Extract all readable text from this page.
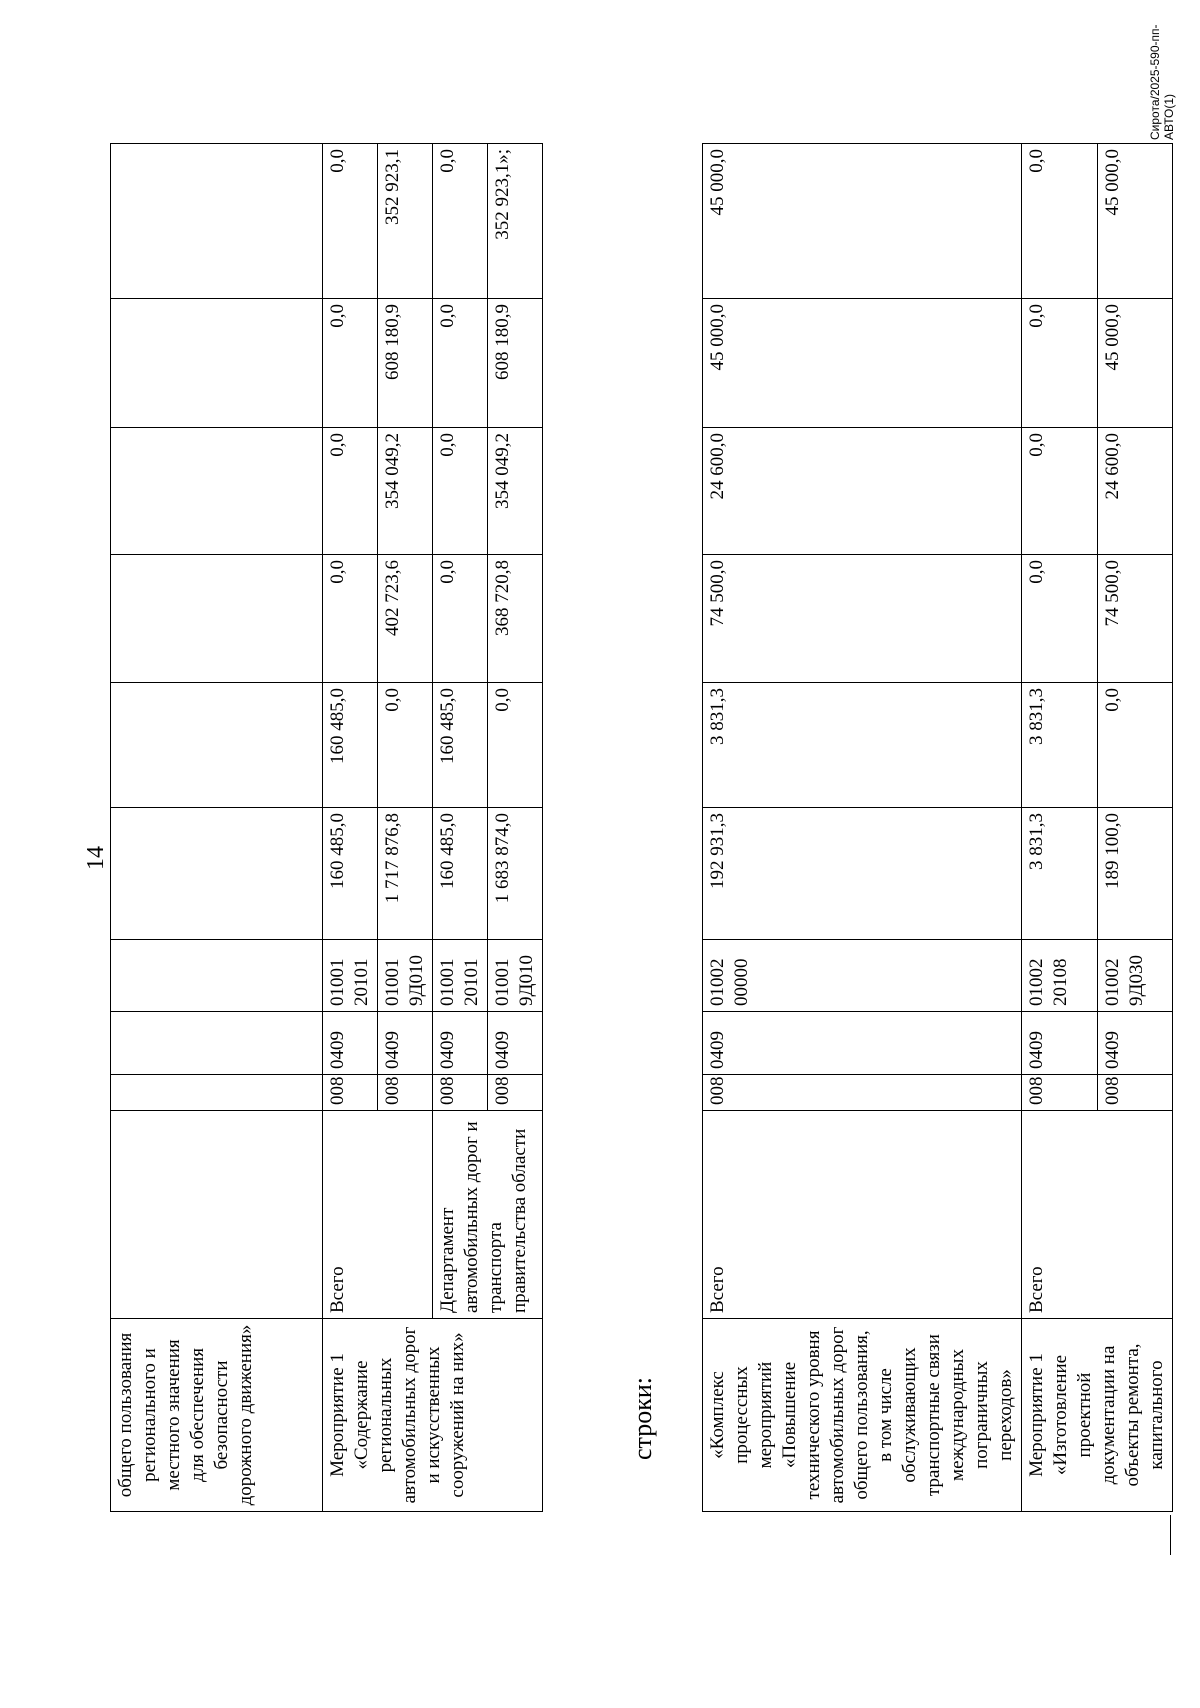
14
Сирота/2025-590-пп-АВТО(1)
общего пользования регионального и местного значения для обеспечения безопасности дорожного движения»										
Мероприятие 1 «Содержание региональных автомобильных дорог и искусственных сооружений на них»	Всего	008	0409	01001 20101	160 485,0	160 485,0	0,0	0,0	0,0	0,0
		008	0409	01001 9Д010	1 717 876,8	0,0	402 723,6	354 049,2	608 180,9	352 923,1
	Департамент автомобильных дорог и транспорта правительства области	008	0409	01001 20101	160 485,0	160 485,0	0,0	0,0	0,0	0,0
		008	0409	01001 9Д010	1 683 874,0	0,0	368 720,8	354 049,2	608 180,9	352 923,1»;
строки:	«Комплекс процессных мероприятий «Повышение технического уровня автомобильных дорог общего пользования, в том числе обслуживающих транспортные связи международных пограничных переходов»	Всего	008	0409	01002 00000	192 931,3	3 831,3	74 500,0	24 600,0	45 000,0	45 000,0
Мероприятие 1 «Изготовление проектной документации на объекты ремонта, капитального	Всего	008	0409	01002 20108	3 831,3	3 831,3	0,0	0,0	0,0	0,0
		008	0409	01002 9Д030	189 100,0	0,0	74 500,0	24 600,0	45 000,0	45 000,0
